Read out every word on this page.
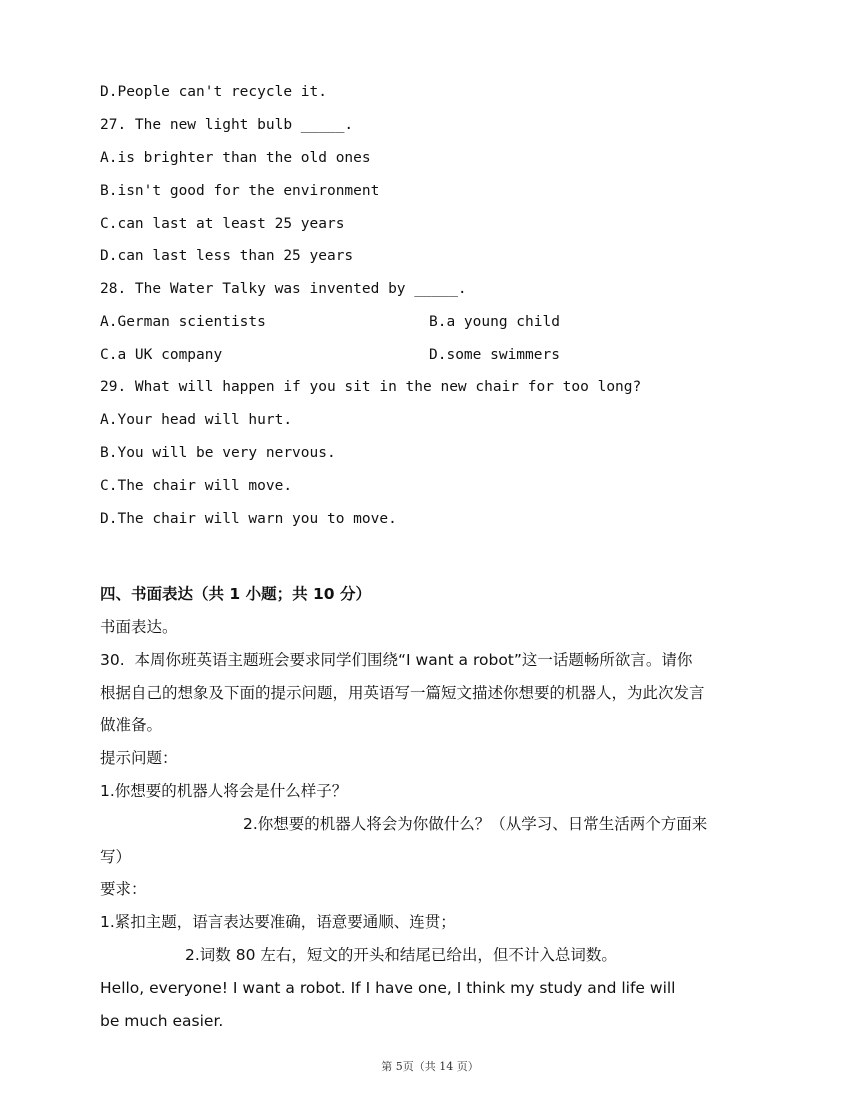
D.People can't recycle it.
27. The new light bulb _____.
A.is brighter than the old ones
B.isn't good for the environment
C.can last at least 25 years
D.can last less than 25 years
28. The Water Talky was invented by _____.
A.German scientists	B.a young child
C.a UK company	D.some swimmers
29. What will happen if you sit in the new chair for too long?
A.Your head will hurt.
B.You will be very nervous.
C.The chair will move.
D.The chair will warn you to move.
四、书面表达（共 1 小题；共 10 分）
书面表达。
30.  本周你班英语主题班会要求同学们围绕“I want a robot”这一话题畅所欲言。请你
根据自己的想象及下面的提示问题，用英语写一篇短文描述你想要的机器人，为此次发言
做准备。
提示问题：
1.你想要的机器人将会是什么样子？
2.你想要的机器人将会为你做什么？（从学习、日常生活两个方面来
写）
要求：
1.紧扣主题，语言表达要准确，语意要通顺、连贯；
2.词数 80 左右，短文的开头和结尾已给出，但不计入总词数。
Hello, everyone! I want a robot. If I have one, I think my study and life will
be much easier.
第 5页（共 14 页）
